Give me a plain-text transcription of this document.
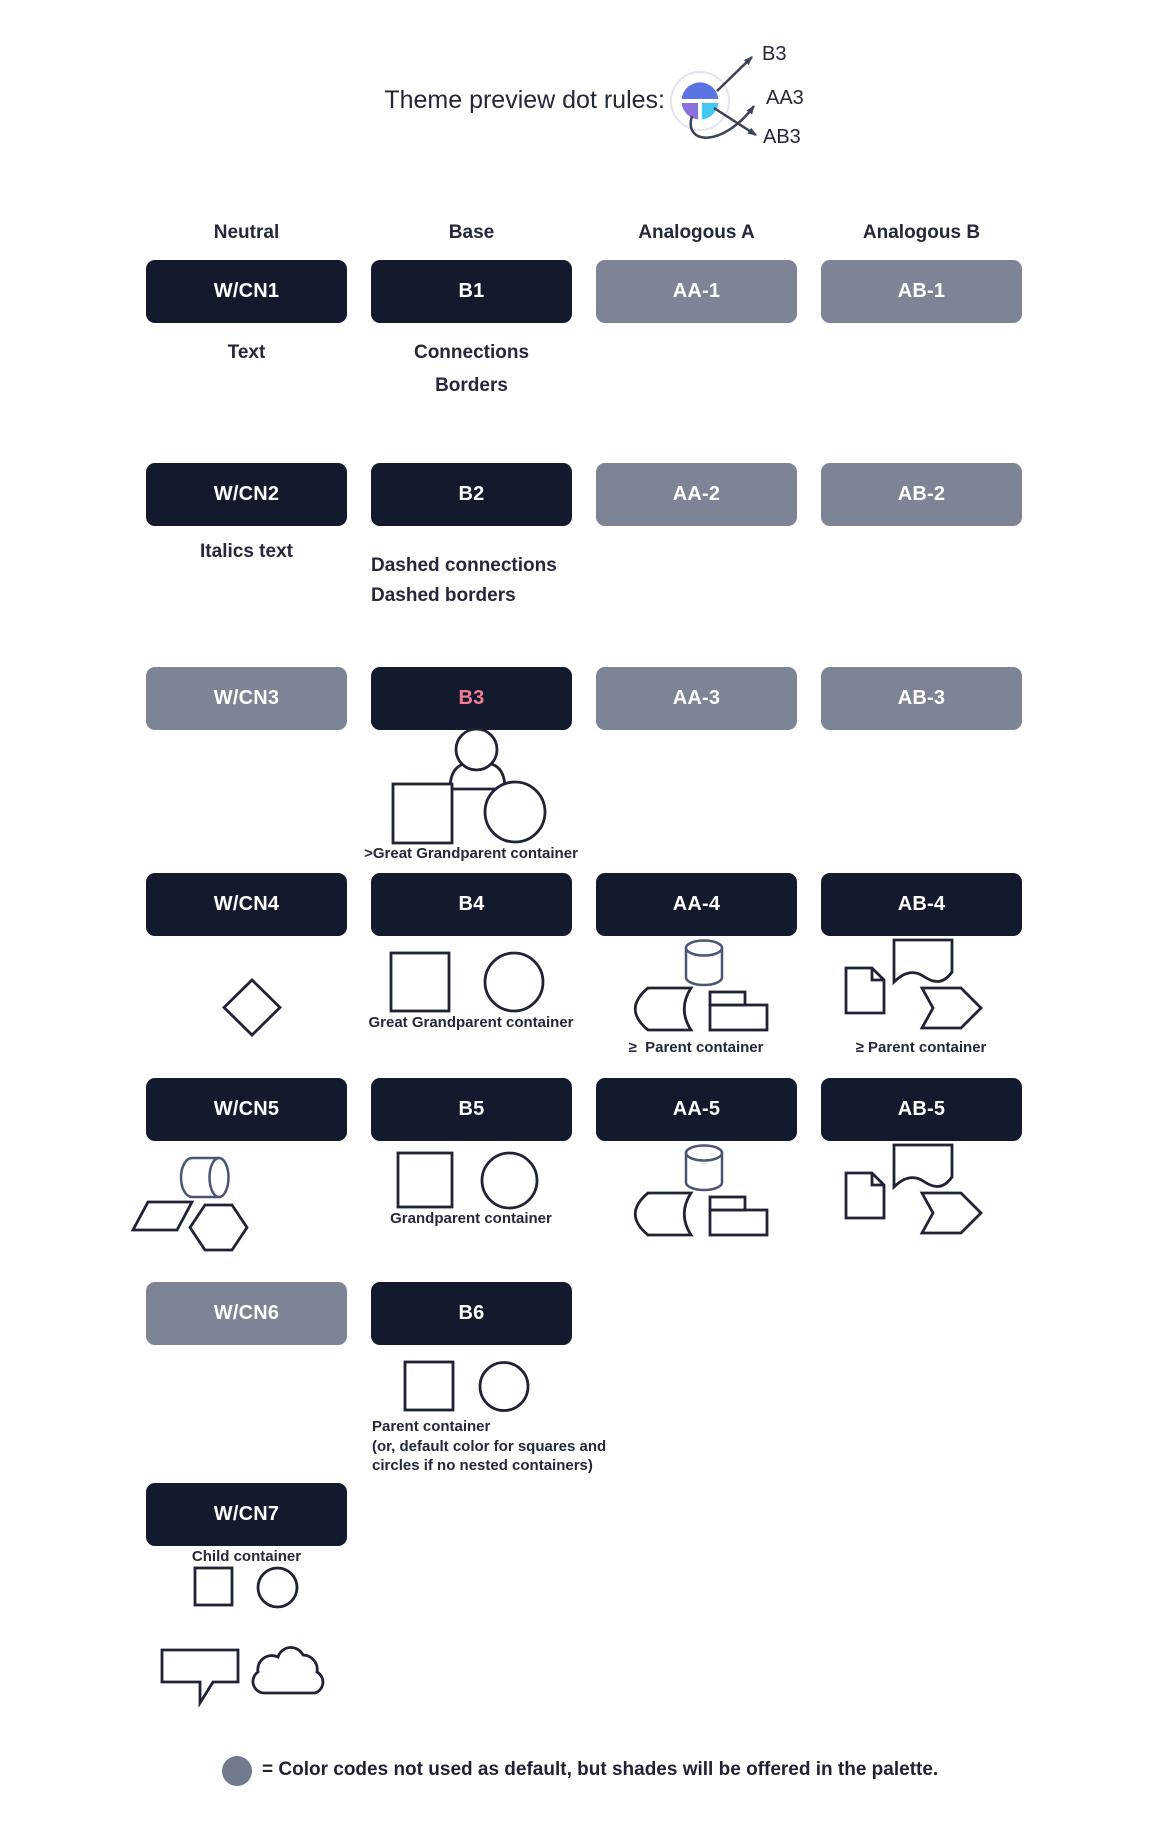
Theme preview dot rules:
B3
AA3
AB3
Neutral	Base	Analogous A	Analogous B
W/CN1	B1	AA-1	AB-1
Text	Connections
Borders
W/CN2	B2	AA-2	AB-2
Italics text
Dashed connections
Dashed borders
W/CN3	B3	AA-3	AB-3
>Great Grandparent container
W/CN4	B4	AA-4	AB-4
Great Grandparent container
≥  Parent container	≥ Parent container
W/CN5	B5	AA-5	AB-5
Grandparent container
W/CN6	B6
Parent container
(or, default color for squares and
circles if no nested containers)
W/CN7
Child container
= Color codes not used as default, but shades will be offered in the palette.
